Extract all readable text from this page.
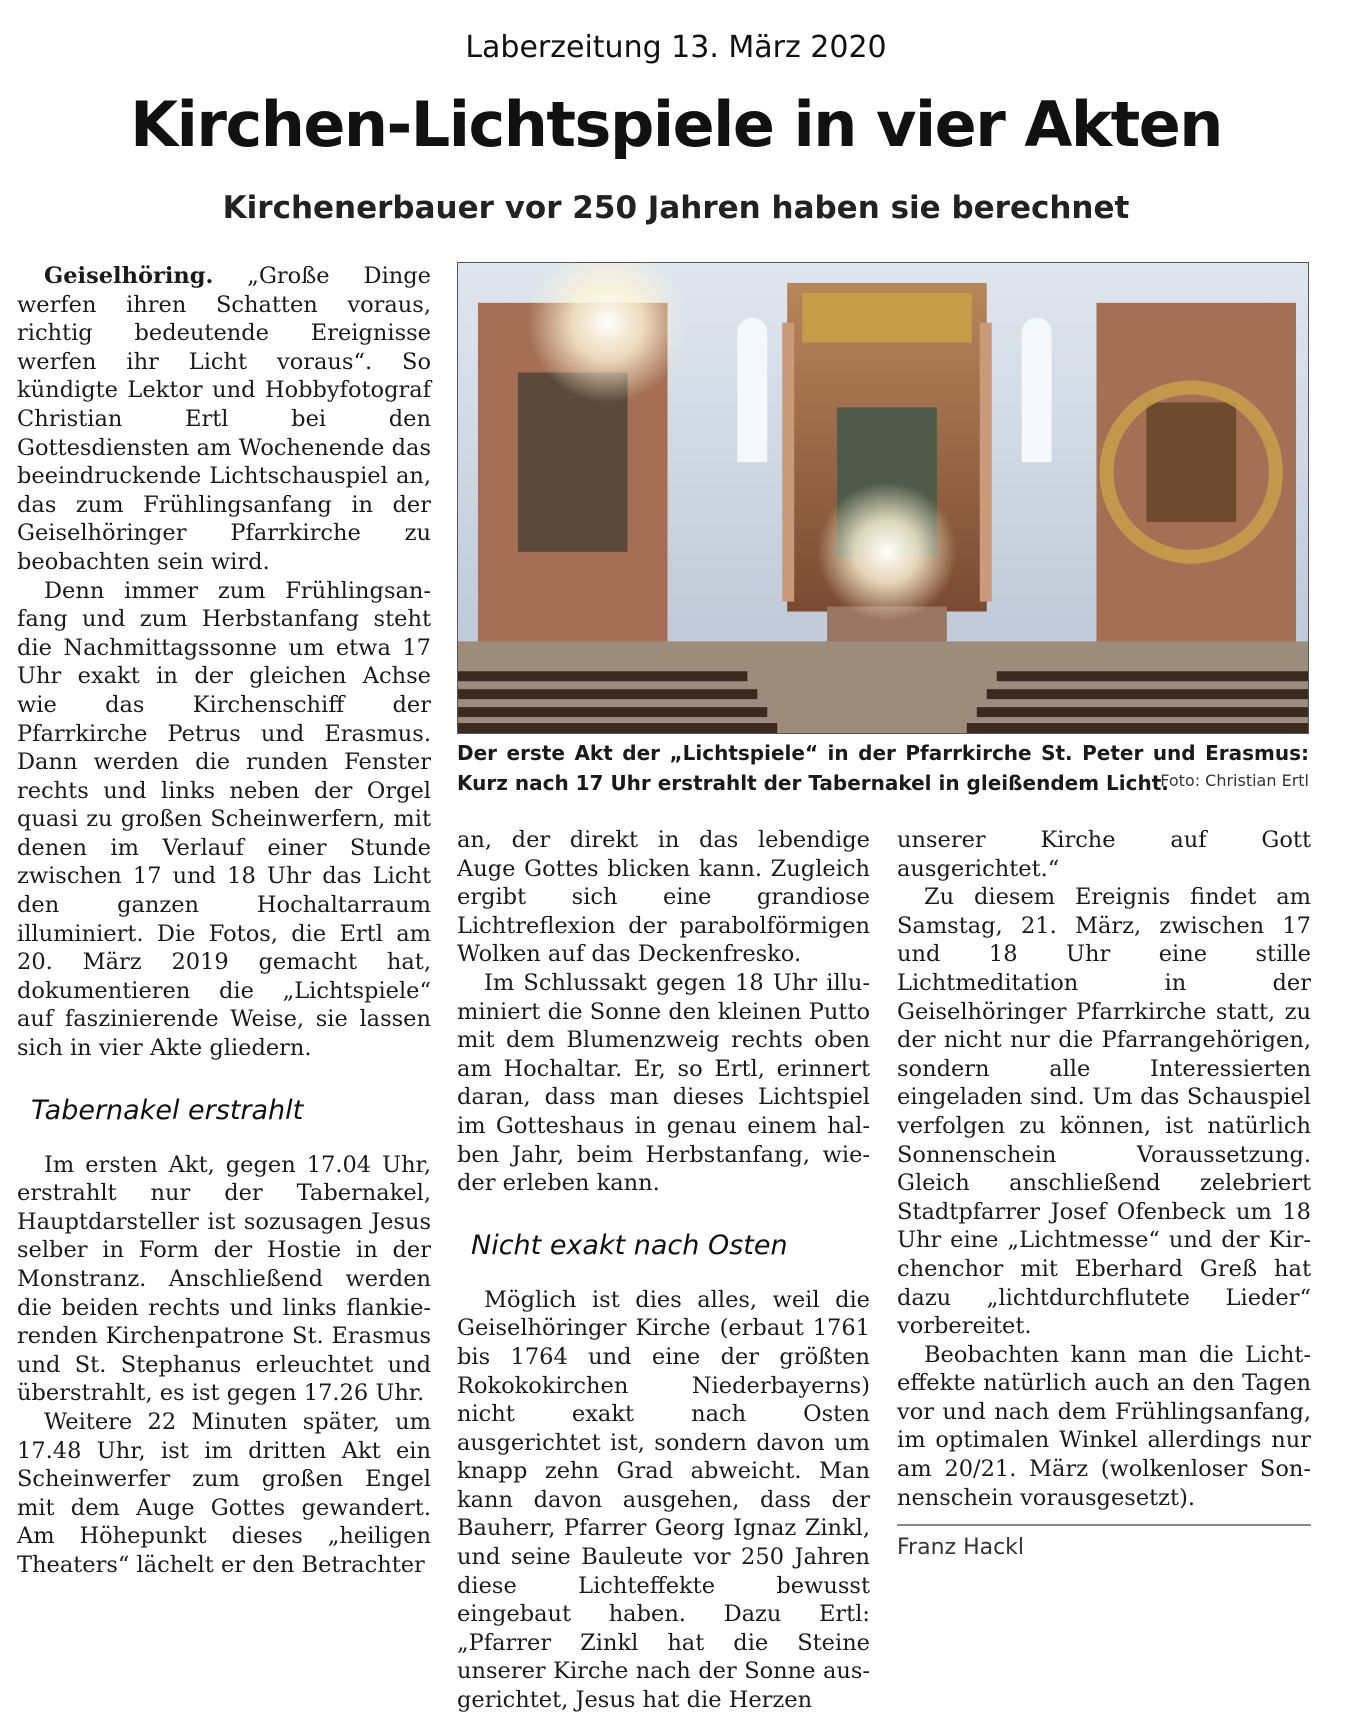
Laberzeitung 13. März 2020
Kirchen-Lichtspiele in vier Akten
Kirchenerbauer vor 250 Jahren haben sie berechnet
Der erste Akt der „Lichtspiele“ in der Pfarrkirche St. Peter und Erasmus: Kurz nach 17 Uhr erstrahlt der Tabernakel in gleißendem Licht.
Foto: Christian Ertl

Geiselhöring. „Große Dinge werfen ihren Schatten voraus, richtig bedeutende Ereignisse werfen ihr Licht voraus“. So kündigte Lektor und Hobbyfotograf Christian Ertl bei den Gottesdiensten am Wochenende das beeindruckende Lichtschauspiel an, das zum Frühlingsanfang in der Geiselhöringer Pfarrkirche zu beobachten sein wird.

Denn immer zum Frühlingsanfang und zum Herbstanfang steht die Nachmittagssonne um etwa 17 Uhr exakt in der gleichen Achse wie das Kirchenschiff der Pfarrkirche Petrus und Erasmus. Dann werden die runden Fenster rechts und links neben der Orgel quasi zu großen Scheinwerfern, mit denen im Verlauf einer Stunde zwischen 17 und 18 Uhr das Licht den ganzen Hochaltarraum illuminiert. Die Fotos, die Ertl am 20. März 2019 gemacht hat, dokumentieren die „Lichtspiele“ auf faszinierende Weise, sie lassen sich in vier Akte gliedern.

Tabernakel erstrahlt

Im ersten Akt, gegen 17.04 Uhr, erstrahlt nur der Tabernakel, Hauptdarsteller ist sozusagen Jesus selber in Form der Hostie in der Monstranz. Anschließend werden die beiden rechts und links flankierenden Kirchenpatrone St. Erasmus und St. Stephanus erleuchtet und überstrahlt, es ist gegen 17.26 Uhr.

Weitere 22 Minuten später, um 17.48 Uhr, ist im dritten Akt ein Scheinwerfer zum großen Engel mit dem Auge Gottes gewandert. Am Höhepunkt dieses „heiligen Theaters“ lächelt er den Betrachter

an, der direkt in das lebendige Auge Gottes blicken kann. Zugleich ergibt sich eine grandiose Lichtreflexion der parabolförmigen Wolken auf das Deckenfresko.

Im Schlussakt gegen 18 Uhr illuminiert die Sonne den kleinen Putto mit dem Blumenzweig rechts oben am Hochaltar. Er, so Ertl, erinnert daran, dass man dieses Lichtspiel im Gotteshaus in genau einem halben Jahr, beim Herbstanfang, wieder erleben kann.

Nicht exakt nach Osten

Möglich ist dies alles, weil die Geiselhöringer Kirche (erbaut 1761 bis 1764 und eine der größten Rokokokirchen Niederbayerns) nicht exakt nach Osten ausgerichtet ist, sondern davon um knapp zehn Grad abweicht. Man kann davon ausgehen, dass der Bauherr, Pfarrer Georg Ignaz Zinkl, und seine Bauleute vor 250 Jahren diese Lichteffekte bewusst eingebaut haben. Dazu Ertl: „Pfarrer Zinkl hat die Steine unserer Kirche nach der Sonne ausgerichtet, Jesus hat die Herzen

unserer Kirche auf Gott ausgerichtet.“

Zu diesem Ereignis findet am Samstag, 21. März, zwischen 17 und 18 Uhr eine stille Lichtmeditation in der Geiselhöringer Pfarrkirche statt, zu der nicht nur die Pfarrangehörigen, sondern alle Interessierten eingeladen sind. Um das Schauspiel verfolgen zu können, ist natürlich Sonnenschein Voraussetzung. Gleich anschließend zelebriert Stadtpfarrer Josef Ofenbeck um 18 Uhr eine „Lichtmesse“ und der Kirchenchor mit Eberhard Greß hat dazu „lichtdurchflutete Lieder“ vorbereitet.

Beobachten kann man die Lichteffekte natürlich auch an den Tagen vor und nach dem Frühlingsanfang, im optimalen Winkel allerdings nur am 20/21. März (wolkenloser Sonnenschein vorausgesetzt).

Franz Hackl
